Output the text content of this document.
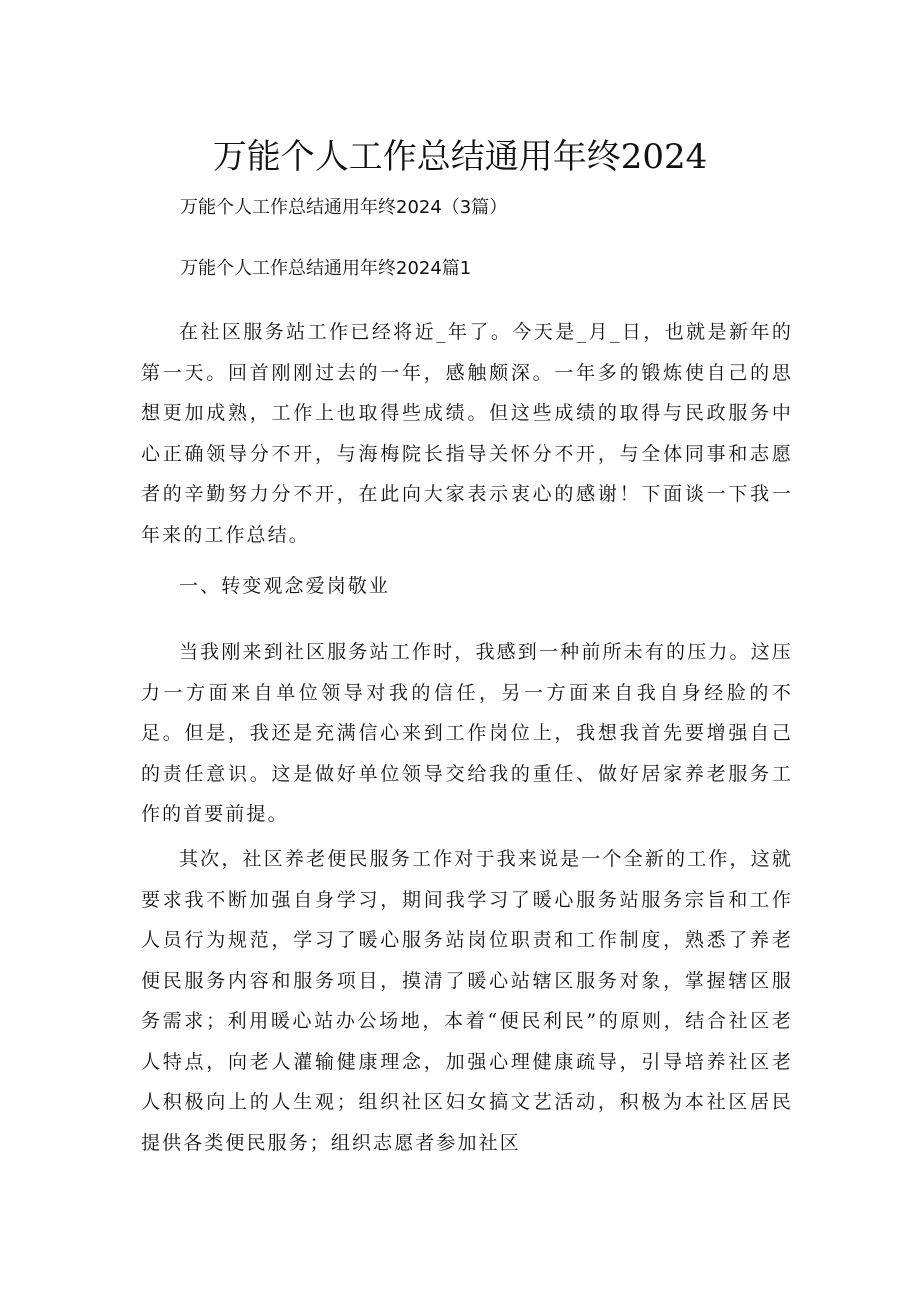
万能个人工作总结通用年终2024

万能个人工作总结通用年终2024（3篇）

万能个人工作总结通用年终2024篇1

在社区服务站工作已经将近_年了。今天是_月_日，也就是新年的第一天。回首刚刚过去的一年，感触颇深。一年多的锻炼使自己的思想更加成熟，工作上也取得些成绩。但这些成绩的取得与民政服务中心正确领导分不开，与海梅院长指导关怀分不开，与全体同事和志愿者的辛勤努力分不开，在此向大家表示衷心的感谢！下面谈一下我一年来的工作总结。

一、转变观念爱岗敬业

当我刚来到社区服务站工作时，我感到一种前所未有的压力。这压力一方面来自单位领导对我的信任，另一方面来自我自身经脸的不足。但是，我还是充满信心来到工作岗位上，我想我首先要增强自己的责任意识。这是做好单位领导交给我的重任、做好居家养老服务工作的首要前提。

其次，社区养老便民服务工作对于我来说是一个全新的工作，这就要求我不断加强自身学习，期间我学习了暖心服务站服务宗旨和工作人员行为规范，学习了暖心服务站岗位职责和工作制度，熟悉了养老便民服务内容和服务项目，摸清了暖心站辖区服务对象，掌握辖区服务需求；利用暖心站办公场地，本着“便民利民”的原则，结合社区老人特点，向老人灌输健康理念，加强心理健康疏导，引导培养社区老人积极向上的人生观；组织社区妇女搞文艺活动，积极为本社区居民提供各类便民服务；组织志愿者参加社区
